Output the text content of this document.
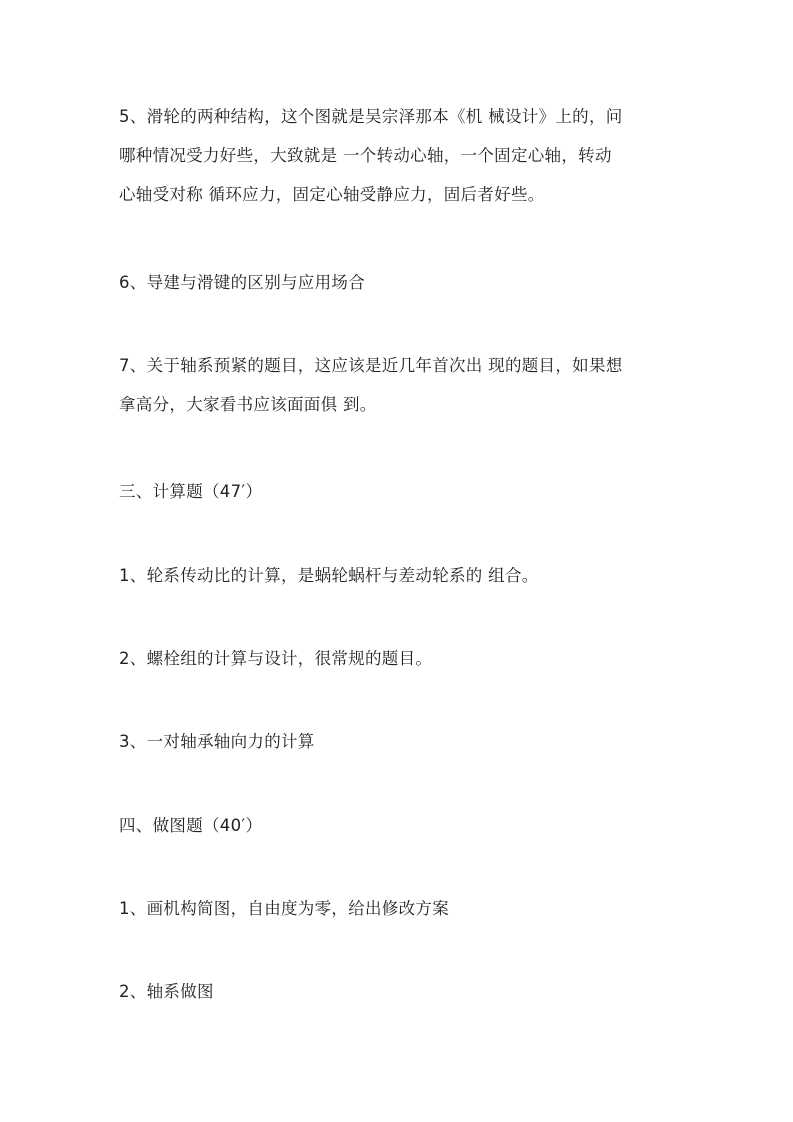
5、滑轮的两种结构，这个图就是吴宗泽那本《机 械设计》上的，问
哪种情况受力好些，大致就是 一个转动心轴，一个固定心轴，转动
心轴受对称 循环应力，固定心轴受静应力，固后者好些。

6、导建与滑键的区别与应用场合

7、关于轴系预紧的题目，这应该是近几年首次出 现的题目，如果想
拿高分，大家看书应该面面俱 到。

三、计算题（47′）

1、轮系传动比的计算，是蜗轮蜗杆与差动轮系的 组合。

2、螺栓组的计算与设计，很常规的题目。

3、一对轴承轴向力的计算

四、做图题（40′）

1、画机构简图，自由度为零，给出修改方案

2、轴系做图
